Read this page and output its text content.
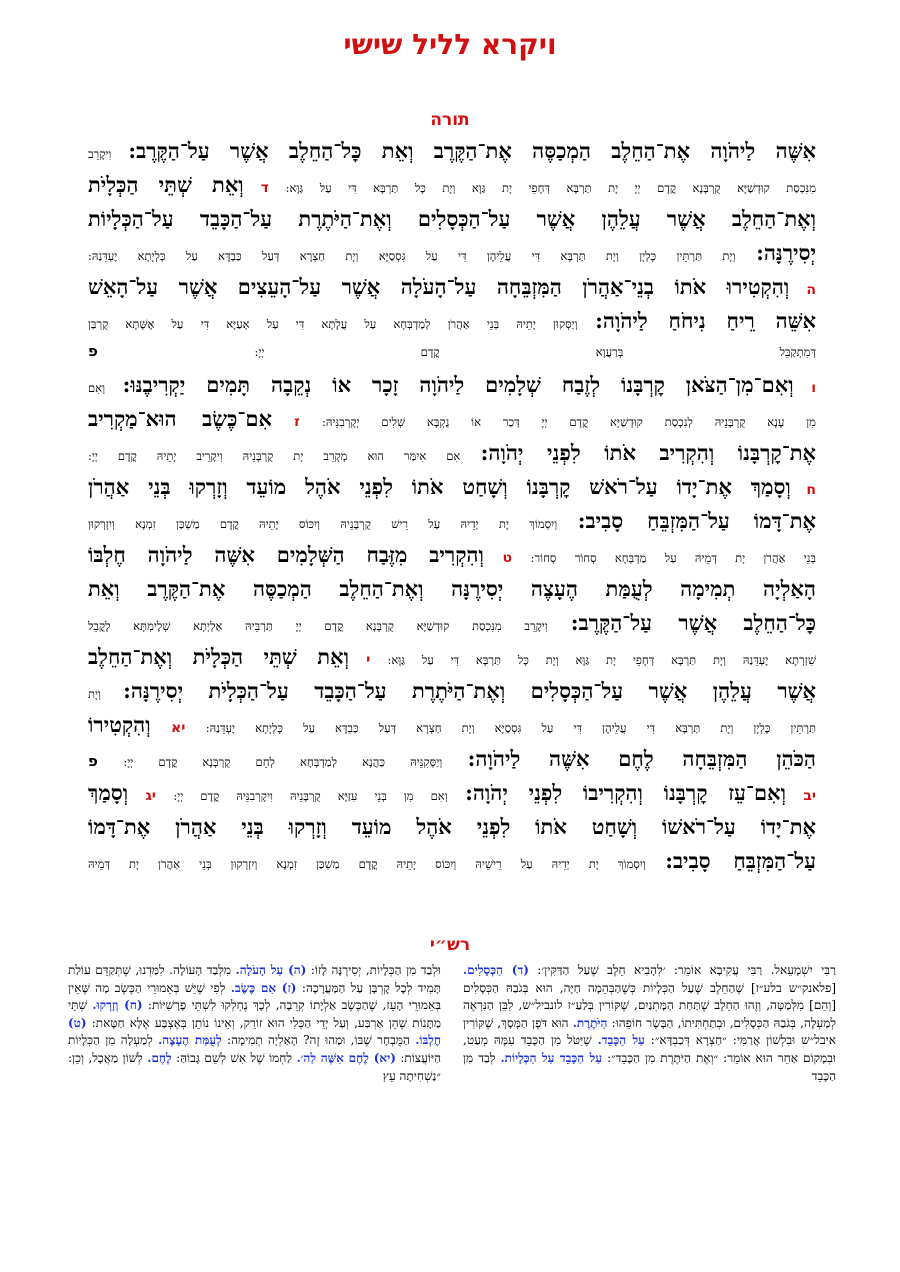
ויקרא לליל שישי
תורה
אִשֶּׁה לַיהֹוָה אֶת־הַחֵלֶב הַמְכַסֶּה אֶת־הַקֶּרֶב וְאֵת כׇּל־הַחֵלֶב אֲשֶׁר עַל־הַקֶּרֶב: וִיקָרֵב
מִנִּכְסַת קוּדְשַׁיָּא קֻרְבָּנָא קֳדָם יְיָ יָת תַּרְבָּא דְּחָפֵי יָת גַּוָּא וְיָת כָּל תַּרְבָּא דִּי עַל גַּוָּא: ד וְאֵת שְׁתֵּי הַכְּלָיֹת
וְאֶת־הַחֵלֶב אֲשֶׁר עֲלֵהֶן אֲשֶׁר עַל־הַכְּסָלִים וְאֶת־הַיֹּתֶרֶת עַל־הַכָּבֵד עַל־הַכְּלָיוֹת
יְסִירֶנָּה: וְיָת תַּרְתֵּין כָּלְיָן וְיָת תַּרְבָּא דִּי עֲלֵיהֶן דִּי עַל גִּסְסַיָּא וְיָת חַצְרָא דְּעַל כַּבְדָּא עַל כָּלְיָתָא יֶעְדֵּנַהּ:
ה וְהִקְטִירוּ אֹתוֹ בְנֵי־אַהֲרֹן הַמִּזְבֵּחָה עַל־הָעֹלָה אֲשֶׁר עַל־הָעֵצִים אֲשֶׁר עַל־הָאֵשׁ
אִשֵּׁה רֵיחַ נִיחֹחַ לַיהֹוָה: וְיַסְּקוּן יָתֵיהּ בְּנֵי אַהֲרֹן לְמַדְבְּחָא עַל עֲלָתָא דִּי עַל אָעַיָּא דִּי עַל אֶשָּׁתָא קֻרְבַּן
דְּמִתְקַבֵּל בְּרַעֲוָא קֳדָם יְיָ: פ
ו וְאִם־מִן־הַצֹּאן קׇרְבָּנוֹ לְזֶבַח שְׁלָמִים לַיהֹוָה זָכָר אוֹ נְקֵבָה תָּמִים יַקְרִיבֶנּוּ: וְאִם
מִן עָנָא קֻרְבָּנֵיהּ לְנִכְסַת קוּדְשַׁיָּא קֳדָם יְיָ דְּכַר אוֹ נֻקְבָּא שְׁלִים יְקָרְבִנֵּיהּ: ז אִם־כֶּשֶׂב הוּא־מַקְרִיב
אֶת־קׇרְבָּנוֹ וְהִקְרִיב אֹתוֹ לִפְנֵי יְהֹוָה: אִם אִימַּר הוּא מְקָרֵב יָת קֻרְבָּנֵיהּ וִיקָרֵיב יָתֵיהּ קֳדָם יְיָ:
ח וְסָמַךְ אֶת־יָדוֹ עַל־רֹאשׁ קׇרְבָּנוֹ וְשָׁחַט אֹתוֹ לִפְנֵי אֹהֶל מוֹעֵד וְזָרְקוּ בְּנֵי אַהֲרֹן
אֶת־דָּמוֹ עַל־הַמִּזְבֵּחַ סָבִיב: וְיִסְמוֹךְ יָת יְדֵיהּ עַל רֵישׁ קֻרְבָּנֵיהּ וְיִכּוֹס יָתֵיהּ קֳדָם מַשְׁכַּן זִמְנָא וְיִזְרְקוּן
בְּנֵי אַהֲרֹן יָת דְּמֵיהּ עַל מַדְבְּחָא סְחוֹר סְחוֹר: ט וְהִקְרִיב מִזֶּבַח הַשְּׁלָמִים אִשֶּׁה לַיהֹוָה חֶלְבּוֹ
הָאַלְיָה תְמִימָה לְעֻמַּת הֶעָצֶה יְסִירֶנָּה וְאֶת־הַחֵלֶב הַמְכַסֶּה אֶת־הַקֶּרֶב וְאֵת
כׇּל־הַחֵלֶב אֲשֶׁר עַל־הַקֶּרֶב: וִיקָרֵב מִנִּכְסַת קוּדְשַׁיָּא קֻרְבָּנָא קֳדָם יְיָ תַּרְבֵּיהּ אַלְיְתָא שְׁלֶימְתָּא לָקֳבֵל
שִׁזְרְתָא יֶעְדֵּנַהּ וְיָת תַּרְבָּא דְּחָפֵי יָת גַּוָּא וְיָת כָּל תַּרְבָּא דִּי עַל גַּוָּא: י וְאֵת שְׁתֵּי הַכְּלָיֹת וְאֶת־הַחֵלֶב
אֲשֶׁר עֲלֵהֶן אֲשֶׁר עַל־הַכְּסָלִים וְאֶת־הַיֹּתֶרֶת עַל־הַכָּבֵד עַל־הַכְּלָיֹת יְסִירֶנָּה: וְיָת
תַּרְתֵּין כָּלְיָן וְיָת תַּרְבָּא דִּי עֲלֵיהֶן דִּי עַל גִּסְסַיָּא וְיָת חַצְרָא דְּעַל כַּבְדָּא עַל כָּלְיָתָא יֶעְדֵּנַהּ: יא וְהִקְטִירוֹ
הַכֹּהֵן הַמִּזְבֵּחָה לֶחֶם אִשֶּׁה לַיהֹוָה: וְיַסְּקִנֵּיהּ כַּהֲנָא לְמַדְבְּחָא לְחֵם קֻרְבָּנָא קֳדָם יְיָ: פ
יב וְאִם־עֵז קׇרְבָּנוֹ וְהִקְרִיבוֹ לִפְנֵי יְהֹוָה: וְאִם מִן בְּנֵי עִזַּיָּא קֻרְבָּנֵיהּ וִיקָרְבִנֵּיהּ קֳדָם יְיָ: יג וְסָמַךְ
אֶת־יָדוֹ עַל־רֹאשׁוֹ וְשָׁחַט אֹתוֹ לִפְנֵי אֹהֶל מוֹעֵד וְזָרְקוּ בְּנֵי אַהֲרֹן אֶת־דָּמוֹ
עַל־הַמִּזְבֵּחַ סָבִיב: וְיִסְמוֹךְ יָת יְדֵיהּ עַל רֵישֵׁיהּ וְיִכּוֹס יָתֵיהּ קֳדָם מַשְׁכַּן זִמְנָא וְיִזְרְקוּן בְּנֵי אַהֲרֹן יָת דְּמֵיהּ
רש״י
רַבִּי יִשְׁמָעֵאל. רַבִּי עֲקִיבָא אוֹמֵר: ׳לְהָבִיא חֵלֶב שֶׁעַל הַדַּקִּין׳: (ד) הַכְּסָלִים. [פלאנק״ש בלע״ז] שֶׁהַחֵלֶב שֶׁעַל הַכְּלָיוֹת כְּשֶׁהַבְּהֵמָה חַיָּה, הוּא בְּגֹבַהּ הַכְּסָלִים [וְהֵם] מִלְּמַטָּה, וְזֶהוּ הַחֵלֶב שֶׁתַּחַת הַמָּתְנַיִם, שֶׁקּוֹרִין בְּלַעַ״ז לונביל״ש, לִבֵּן הַנִּרְאֶה לְמַעְלָה, בְּגֹבַהּ הַכְּסָלִים, וּבְתַחְתִּיתוֹ, הַבָּשָׂר חוֹפֵהוּ: הַיֹּתֶרֶת. הוּא דֹּפֶן הַמָּסָךְ, שֶׁקּוֹרִין איבל״ש וּבִלְשׁוֹן אֲרַמִּי: ״חַצְרָא דְּכַבְדָּא״: עַל הַכָּבֵד. שֶׁיִּטֹּל מִן הַכָּבֵד עִמָּהּ מְעַט, וּבְמָקוֹם אַחֵר הוּא אוֹמֵר: ״וְאֶת הַיֹּתֶרֶת מִן הַכָּבֵד״: עַל הַכָּבֵד עַל הַכְּלָיוֹת. לְבַד מִן הַכָּבֵד
וּלְבַד מִן הַכְּלָיוֹת, יְסִירֶנָּה לָזוֹ: (ה) עַל הָעֹלָה. מִלְּבַד הָעוֹלָה. לִמַּדְנוּ, שֶׁתְּקַדֵּם עוֹלַת תָּמִיד לְכׇל קׇרְבָּן עַל הַמַּעֲרָכָה: (ז) אִם כֶּשֶׂב. לְפִי שֶׁיֵּשׁ בְּאֵמוּרֵי הַכֶּשֶׂב מַה שֶּׁאֵין בְּאֵמוּרֵי הָעֵז, שֶׁהַכֶּשֶׂב אַלְיָתוֹ קְרֵבָה, לְכָךְ נֶחְלְקוּ לִשְׁתֵּי פָרָשִׁיּוֹת: (ח) וְזָרְקוּ. שְׁתֵּי מַתָּנוֹת שֶׁהֵן אַרְבַּע, וְעַל יְדֵי הַכְּלִי הוּא זוֹרֵק, וְאֵינוֹ נוֹתֵן בְּאֶצְבַּע אֶלָּא חַטָּאת: (ט) חֶלְבּוֹ. הַמֻּבְחָר שֶׁבּוֹ, וּמַהוּ זֶה? הָאַלְיָה תְמִימָה: לְעֻמַּת הֶעָצֶה. לְמַעְלָה מִן הַכְּלָיוֹת הַיּוֹעֲצוֹת: (יא) לֶחֶם אִשֶּׁה לַה׳. לַחְמוֹ שֶׁל אִשׁ לְשֵׁם גָּבוֹהַּ: לֶחֶם. לְשׁוֹן מַאֲכָל, וְכֵן: ״נַשְׁחִיתָה עֵץ
